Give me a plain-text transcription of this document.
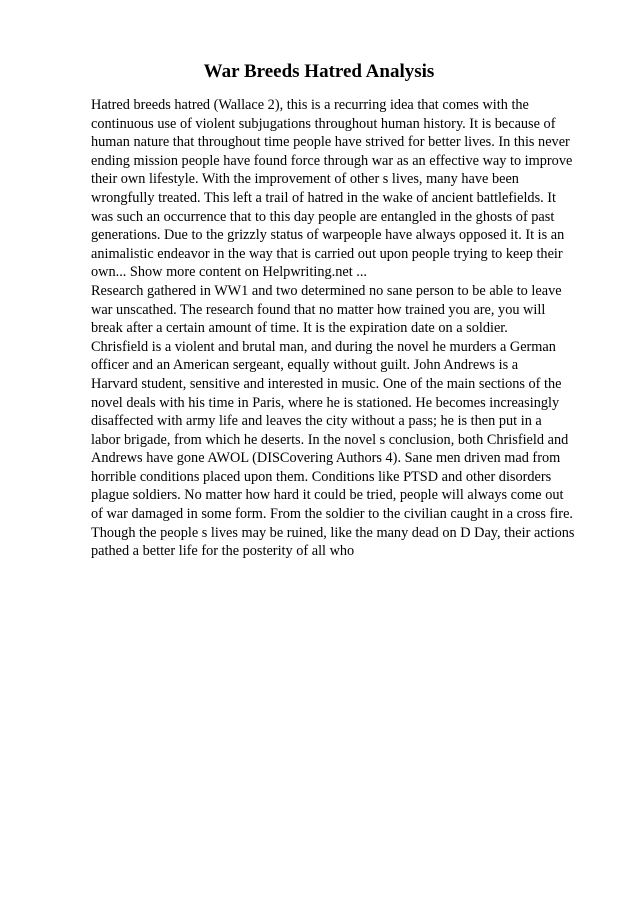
War Breeds Hatred Analysis
Hatred breeds hatred (Wallace 2), this is a recurring idea that comes with the
continuous use of violent subjugations throughout human history. It is because of
human nature that throughout time people have strived for better lives. In this never
ending mission people have found force through war as an effective way to improve
their own lifestyle. With the improvement of other s lives, many have been
wrongfully treated. This left a trail of hatred in the wake of ancient battlefields. It
was such an occurrence that to this day people are entangled in the ghosts of past
generations. Due to the grizzly status of warpeople have always opposed it. It is an
animalistic endeavor in the way that is carried out upon people trying to keep their
own... Show more content on Helpwriting.net ...
Research gathered in WW1 and two determined no sane person to be able to leave
war unscathed. The research found that no matter how trained you are, you will
break after a certain amount of time. It is the expiration date on a soldier.
Chrisfield is a violent and brutal man, and during the novel he murders a German
officer and an American sergeant, equally without guilt. John Andrews is a
Harvard student, sensitive and interested in music. One of the main sections of the
novel deals with his time in Paris, where he is stationed. He becomes increasingly
disaffected with army life and leaves the city without a pass; he is then put in a
labor brigade, from which he deserts. In the novel s conclusion, both Chrisfield and
Andrews have gone AWOL (DISCovering Authors 4). Sane men driven mad from
horrible conditions placed upon them. Conditions like PTSD and other disorders
plague soldiers. No matter how hard it could be tried, people will always come out
of war damaged in some form. From the soldier to the civilian caught in a cross fire.
Though the people s lives may be ruined, like the many dead on D Day, their actions
pathed a better life for the posterity of all who
